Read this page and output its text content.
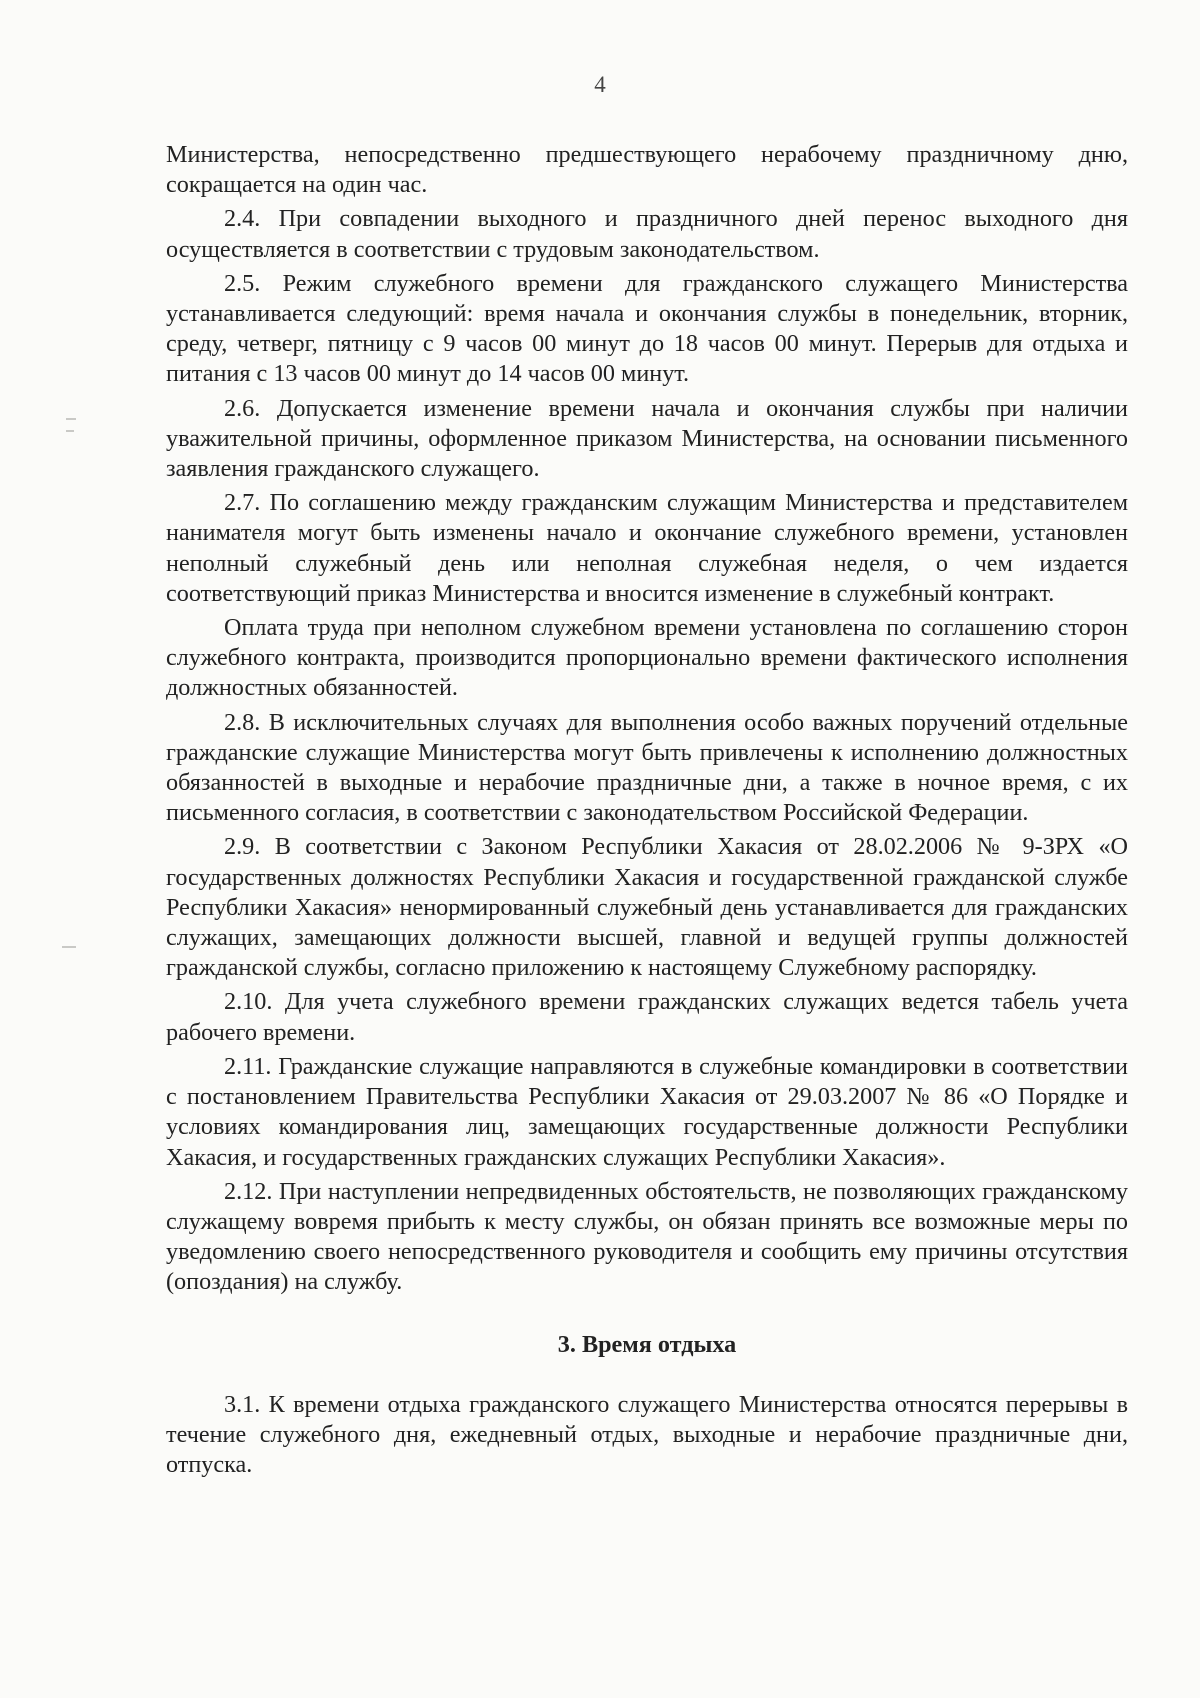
4

Министерства, непосредственно предшествующего нерабочему праздничному дню, сокращается на один час.

2.4. При совпадении выходного и праздничного дней перенос выходного дня осуществляется в соответствии с трудовым законодательством.

2.5. Режим служебного времени для гражданского служащего Министерства устанавливается следующий: время начала и окончания службы в понедельник, вторник, среду, четверг, пятницу с 9 часов 00 минут до 18 часов 00 минут. Перерыв для отдыха и питания с 13 часов 00 минут до 14 часов 00 минут.

2.6. Допускается изменение времени начала и окончания службы при наличии уважительной причины, оформленное приказом Министерства, на основании письменного заявления гражданского служащего.

2.7. По соглашению между гражданским служащим Министерства и представителем нанимателя могут быть изменены начало и окончание служебного времени, установлен неполный служебный день или неполная служебная неделя, о чем издается соответствующий приказ Министерства и вносится изменение в служебный контракт.

Оплата труда при неполном служебном времени установлена по соглашению сторон служебного контракта, производится пропорционально времени фактического исполнения должностных обязанностей.

2.8. В исключительных случаях для выполнения особо важных поручений отдельные гражданские служащие Министерства могут быть привлечены к исполнению должностных обязанностей в выходные и нерабочие праздничные дни, а также в ночное время, с их письменного согласия, в соответствии с законодательством Российской Федерации.

2.9. В соответствии с Законом Республики Хакасия от 28.02.2006 № 9-ЗРХ «О государственных должностях Республики Хакасия и государственной гражданской службе Республики Хакасия» ненормированный служебный день устанавливается для гражданских служащих, замещающих должности высшей, главной и ведущей группы должностей гражданской службы, согласно приложению к настоящему Служебному распорядку.

2.10. Для учета служебного времени гражданских служащих ведется табель учета рабочего времени.

2.11. Гражданские служащие направляются в служебные командировки в соответствии с постановлением Правительства Республики Хакасия от 29.03.2007 № 86 «О Порядке и условиях командирования лиц, замещающих государственные должности Республики Хакасия, и государственных гражданских служащих Республики Хакасия».

2.12. При наступлении непредвиденных обстоятельств, не позволяющих гражданскому служащему вовремя прибыть к месту службы, он обязан принять все возможные меры по уведомлению своего непосредственного руководителя и сообщить ему причины отсутствия (опоздания) на службу.

3. Время отдыха

3.1. К времени отдыха гражданского служащего Министерства относятся перерывы в течение служебного дня, ежедневный отдых, выходные и нерабочие праздничные дни, отпуска.
